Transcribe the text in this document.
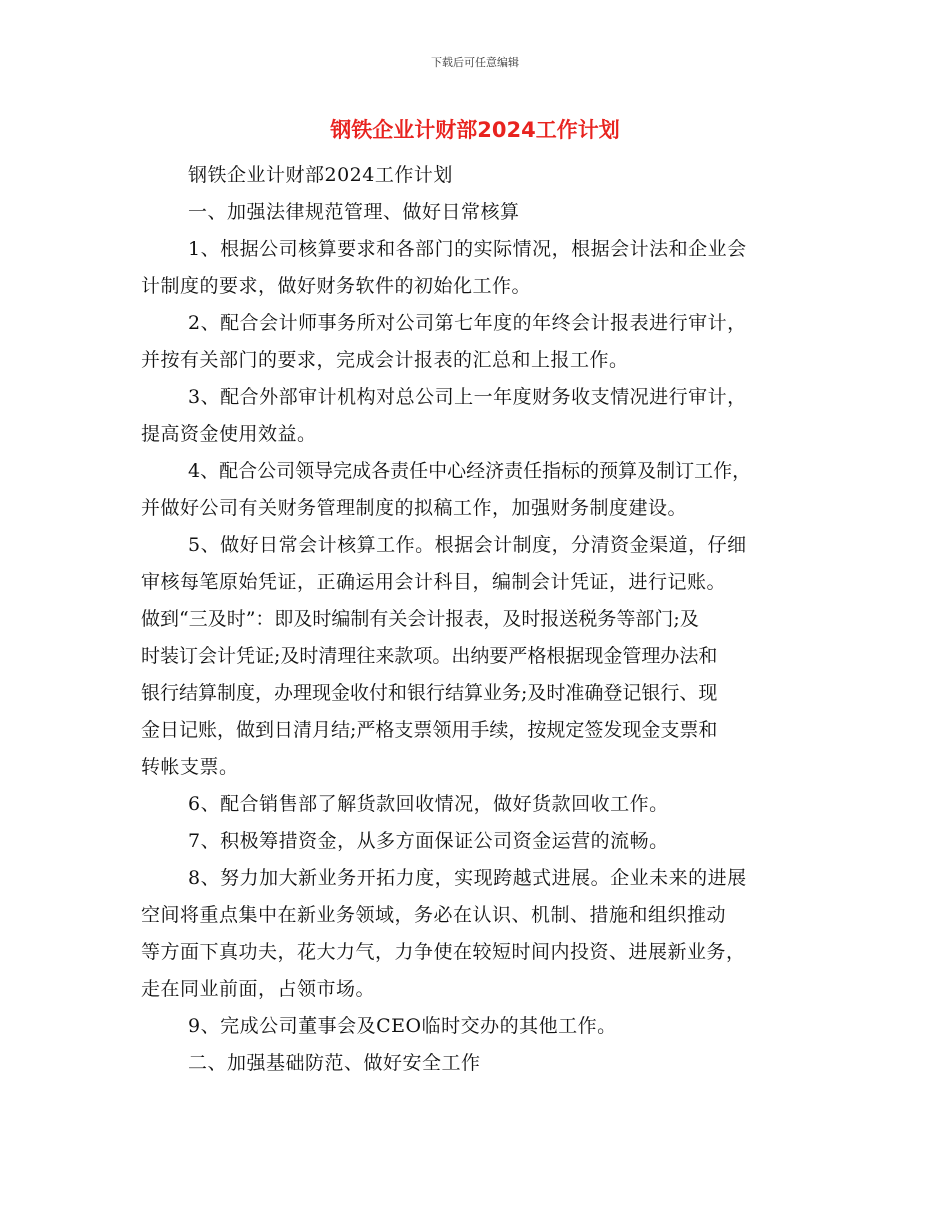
下载后可任意编辑
钢铁企业计财部2024工作计划
钢铁企业计财部2024工作计划
一、加强法律规范管理、做好日常核算
1、根据公司核算要求和各部门的实际情况，根据会计法和企业会
计制度的要求，做好财务软件的初始化工作。
2、配合会计师事务所对公司第七年度的年终会计报表进行审计，
并按有关部门的要求，完成会计报表的汇总和上报工作。
3、配合外部审计机构对总公司上一年度财务收支情况进行审计，
提高资金使用效益。
4、配合公司领导完成各责任中心经济责任指标的预算及制订工作，
并做好公司有关财务管理制度的拟稿工作，加强财务制度建设。
5、做好日常会计核算工作。根据会计制度，分清资金渠道，仔细
审核每笔原始凭证，正确运用会计科目，编制会计凭证，进行记账。
做到“三及时”：即及时编制有关会计报表，及时报送税务等部门;及
时装订会计凭证;及时清理往来款项。出纳要严格根据现金管理办法和
银行结算制度，办理现金收付和银行结算业务;及时准确登记银行、现
金日记账，做到日清月结;严格支票领用手续，按规定签发现金支票和
转帐支票。
6、配合销售部了解货款回收情况，做好货款回收工作。
7、积极筹措资金，从多方面保证公司资金运营的流畅。
8、努力加大新业务开拓力度，实现跨越式进展。企业未来的进展
空间将重点集中在新业务领域，务必在认识、机制、措施和组织推动
等方面下真功夫，花大力气，力争使在较短时间内投资、进展新业务，
走在同业前面，占领市场。
9、完成公司董事会及CEO临时交办的其他工作。
二、加强基础防范、做好安全工作
